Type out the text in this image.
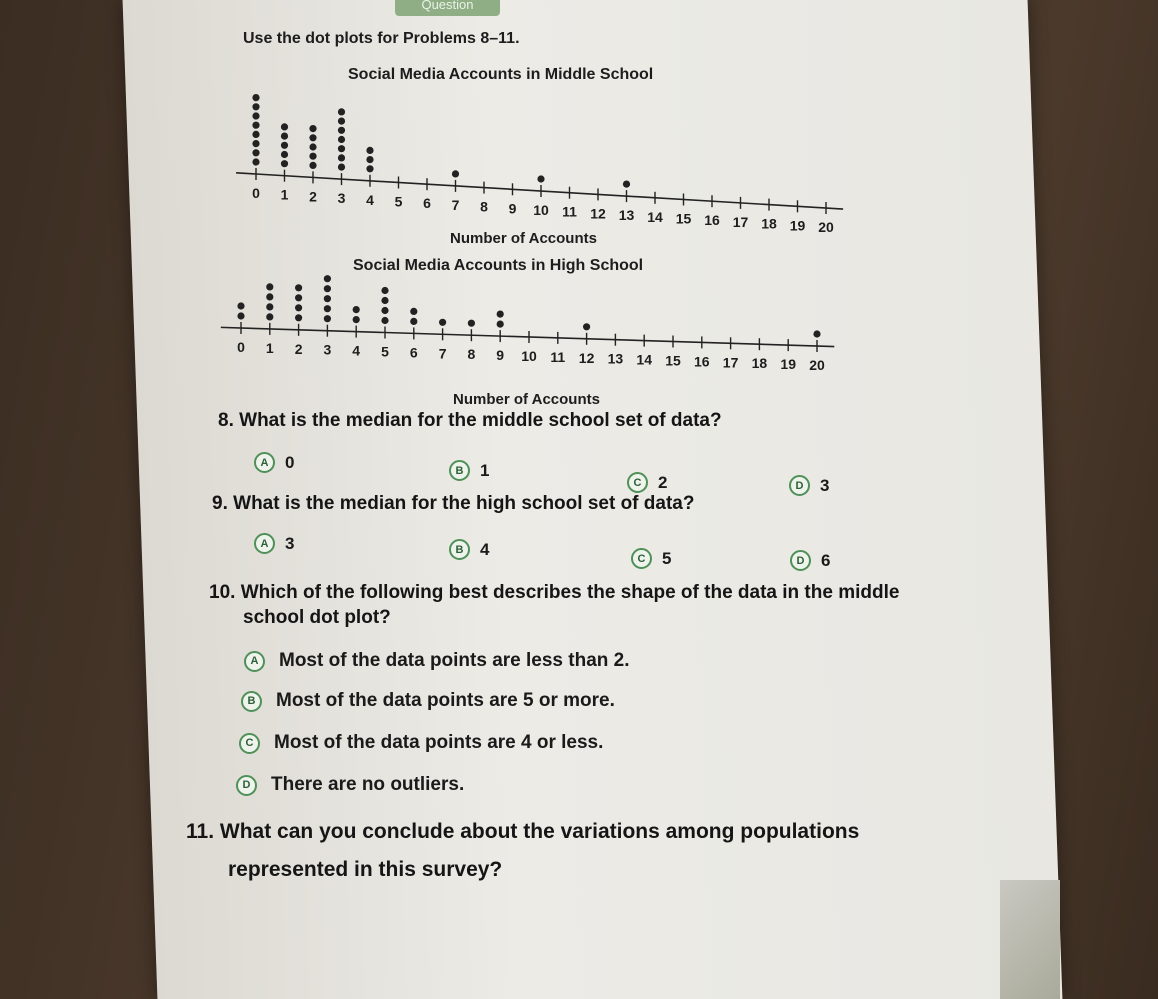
Question
Use the dot plots for Problems 8–11.
Social Media Accounts in Middle School
0 1 2 3 4 5 6 7 8 9 10 11 12 13 14 15 16 17 18 19 20
Number of Accounts
Social Media Accounts in High School
0 1 2 3 4 5 6 7 8 9 10 11 12 13 14 15 16 17 18 19 20
Number of Accounts
8. What is the median for the middle school set of data?
A 0	B 1
C 2	D 3
9. What is the median for the high school set of data?
A 3	B 4	C 5	D 6
10. Which of the following best describes the shape of the data in the middle
school dot plot?
A	Most of the data points are less than 2.
B	Most of the data points are 5 or more.
C	Most of the data points are 4 or less.
D	There are no outliers.
11. What can you conclude about the variations among populations
represented in this survey?
